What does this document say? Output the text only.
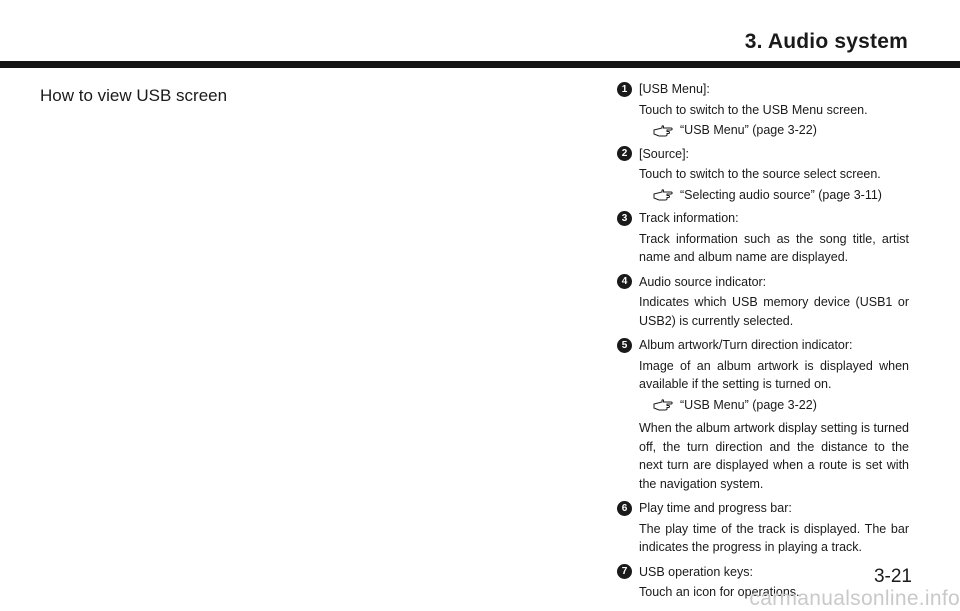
3. Audio system
How to view USB screen	1 [USB Menu]:

Touch to switch to the USB Menu screen.

“USB Menu” (page 3-22)
2 [Source]:

Touch to switch to the source select screen.

“Selecting audio source” (page 3-11)
3 Track information:

Track information such as the song title, artist name and album name are displayed.

4 Audio source indicator:

Indicates which USB memory device (USB1 or USB2) is currently selected.

5 Album artwork/Turn direction indicator:

Image of an album artwork is displayed when available if the setting is turned on.

“USB Menu” (page 3-22)

When the album artwork display setting is turned off, the turn direction and the distance to the next turn are displayed when a route is set with the navigation system.

6 Play time and progress bar:

The play time of the track is displayed. The bar indicates the progress in playing a track.

7 USB operation keys:

Touch an icon for operations.

3-21
carmanualsonline.info
